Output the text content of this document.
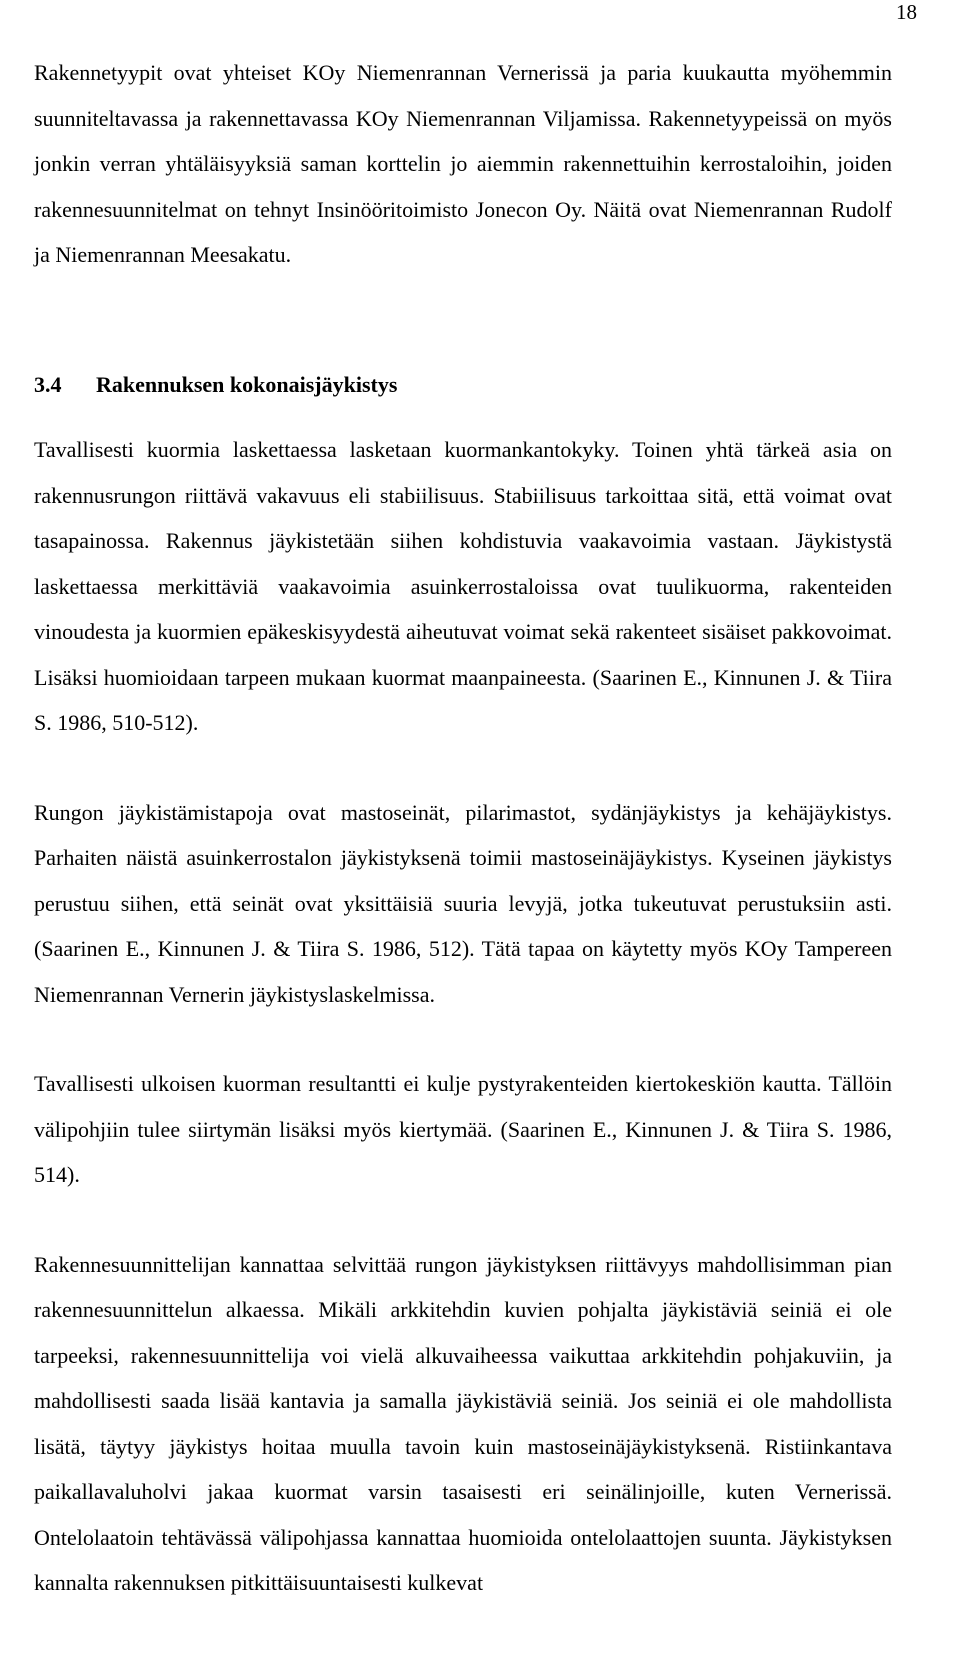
18

Rakennetyypit ovat yhteiset KOy Niemenrannan Vernerissä ja paria kuukautta myöhemmin suunniteltavassa ja rakennettavassa KOy Niemenrannan Viljamissa. Rakennetyypeissä on myös jonkin verran yhtäläisyyksiä saman korttelin jo aiemmin rakennettuihin kerrostaloihin, joiden rakennesuunnitelmat on tehnyt Insinööritoimisto Jonecon Oy. Näitä ovat Niemenrannan Rudolf ja Niemenrannan Meesakatu.

3.4 Rakennuksen kokonaisjäykistys

Tavallisesti kuormia laskettaessa lasketaan kuormankantokyky. Toinen yhtä tärkeä asia on rakennusrungon riittävä vakavuus eli stabiilisuus. Stabiilisuus tarkoittaa sitä, että voimat ovat tasapainossa. Rakennus jäykistetään siihen kohdistuvia vaakavoimia vastaan. Jäykistystä laskettaessa merkittäviä vaakavoimia asuinkerrostaloissa ovat tuulikuorma, rakenteiden vinoudesta ja kuormien epäkeskisyydestä aiheutuvat voimat sekä rakenteet sisäiset pakkovoimat. Lisäksi huomioidaan tarpeen mukaan kuormat maanpaineesta. (Saarinen E., Kinnunen J. & Tiira S. 1986, 510-512).

Rungon jäykistämistapoja ovat mastoseinät, pilarimastot, sydänjäykistys ja kehäjäykistys. Parhaiten näistä asuinkerrostalon jäykistyksenä toimii mastoseinäjäykistys. Kyseinen jäykistys perustuu siihen, että seinät ovat yksittäisiä suuria levyjä, jotka tukeutuvat perustuksiin asti. (Saarinen E., Kinnunen J. & Tiira S. 1986, 512). Tätä tapaa on käytetty myös KOy Tampereen Niemenrannan Vernerin jäykistyslaskelmissa.

Tavallisesti ulkoisen kuorman resultantti ei kulje pystyrakenteiden kiertokeskiön kautta. Tällöin välipohjiin tulee siirtymän lisäksi myös kiertymää. (Saarinen E., Kinnunen J. & Tiira S. 1986, 514).

Rakennesuunnittelijan kannattaa selvittää rungon jäykistyksen riittävyys mahdollisimman pian rakennesuunnittelun alkaessa. Mikäli arkkitehdin kuvien pohjalta jäykistäviä seiniä ei ole tarpeeksi, rakennesuunnittelija voi vielä alkuvaiheessa vaikuttaa arkkitehdin pohjakuviin, ja mahdollisesti saada lisää kantavia ja samalla jäykistäviä seiniä. Jos seiniä ei ole mahdollista lisätä, täytyy jäykistys hoitaa muulla tavoin kuin mastoseinäjäykistyksenä. Ristiinkantava paikallavaluholvi jakaa kuormat varsin tasaisesti eri seinälinjoille, kuten Vernerissä. Ontelolaatoin tehtävässä välipohjassa kannattaa huomioida ontelolaattojen suunta. Jäykistyksen kannalta rakennuksen pitkittäisuuntaisesti kulkevat
